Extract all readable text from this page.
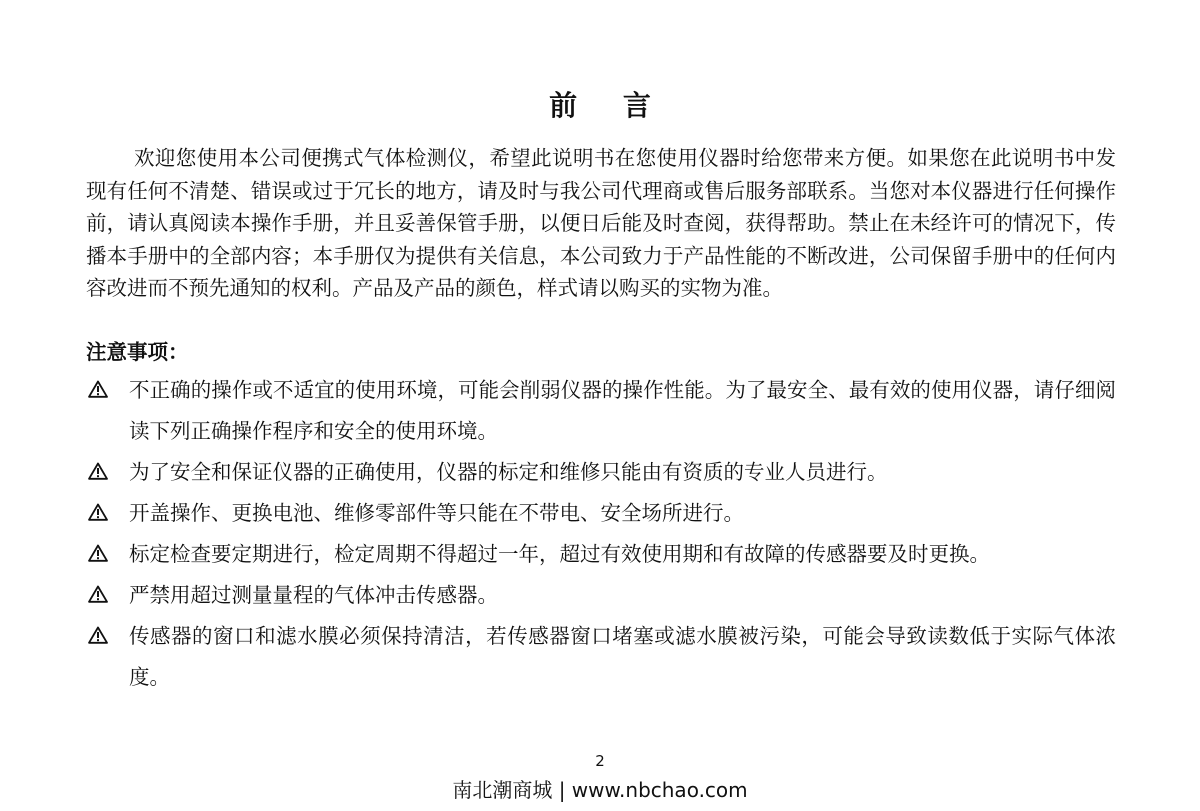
前 言

欢迎您使用本公司便携式气体检测仪，希望此说明书在您使用仪器时给您带来方便。如果您在此说明书中发现有任何不清楚、错误或过于冗长的地方，请及时与我公司代理商或售后服务部联系。当您对本仪器进行任何操作前，请认真阅读本操作手册，并且妥善保管手册，以便日后能及时查阅，获得帮助。禁止在未经许可的情况下，传播本手册中的全部内容；本手册仅为提供有关信息，本公司致力于产品性能的不断改进，公司保留手册中的任何内容改进而不预先通知的权利。产品及产品的颜色，样式请以购买的实物为准。

注意事项：
不正确的操作或不适宜的使用环境，可能会削弱仪器的操作性能。为了最安全、最有效的使用仪器，请仔细阅读下列正确操作程序和安全的使用环境。
为了安全和保证仪器的正确使用，仪器的标定和维修只能由有资质的专业人员进行。
开盖操作、更换电池、维修零部件等只能在不带电、安全场所进行。
标定检查要定期进行，检定周期不得超过一年，超过有效使用期和有故障的传感器要及时更换。
严禁用超过测量量程的气体冲击传感器。
传感器的窗口和滤水膜必须保持清洁，若传感器窗口堵塞或滤水膜被污染，可能会导致读数低于实际气体浓度。
2
南北潮商城 | www.nbchao.com
